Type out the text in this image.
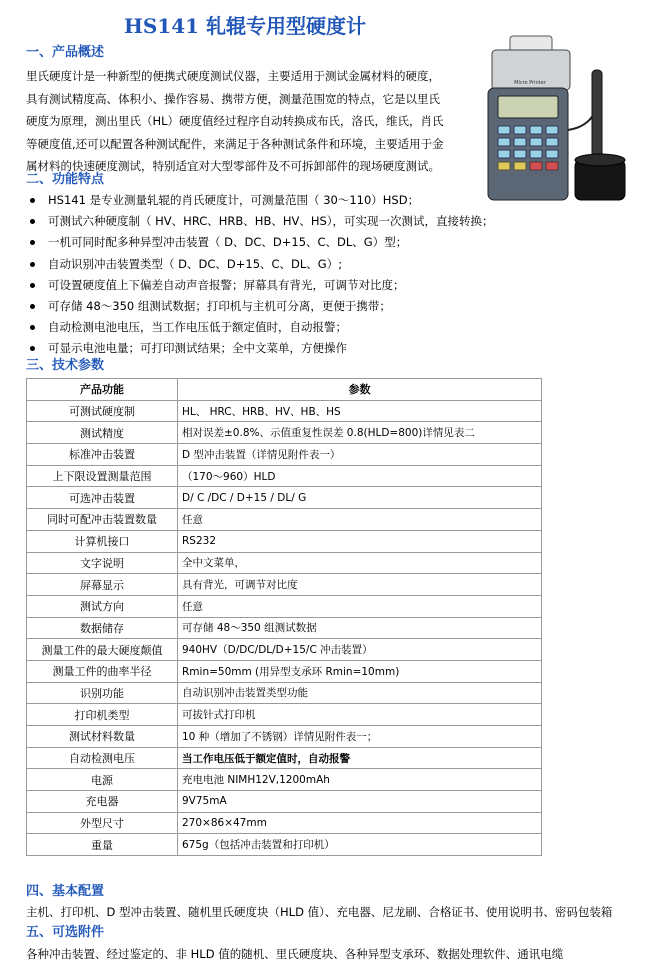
HS141 轧辊专用型硬度计
一、产品概述
里氏硬度计是一种新型的便携式硬度测试仪器，主要适用于测试金属材料的硬度，
具有测试精度高、体积小、操作容易、携带方便，测量范围宽的特点，它是以里氏
硬度为原理，测出里氏（HL）硬度值经过程序自动转换成布氏，洛氏，维氏，肖氏
等硬度值,还可以配置各种测试配件，来满足于各种测试条件和环境，主要适用于金
属材料的快速硬度测试，特别适宜对大型零部件及不可拆卸部件的现场硬度测试。
Micro Printer
二、功能特点
HS141 是专业测量轧辊的肖氏硬度计，可测量范围（ 30～110）HSD；
可测试六种硬度制（ HV、HRC、HRB、HB、HV、HS），可实现一次测试，直接转换；
一机可同时配多种异型冲击装置（ D、DC、D+15、C、DL、G）型；
自动识别冲击装置类型（ D、DC、D+15、C、DL、G）;
可设置硬度值上下偏差自动声音报警；屏幕具有背光，可调节对比度；
可存储 48～350 组测试数据；打印机与主机可分离，更便于携带；
自动检测电池电压，当工作电压低于额定值时，自动报警；
可显示电池电量；可打印测试结果；全中文菜单，方便操作
三、技术参数
产品功能	参数
可测试硬度制	HL、 HRC、HRB、HV、HB、HS
测试精度	相对误差±0.8%、示值重复性误差 0.8(HLD=800)详情见表二
标准冲击装置	D 型冲击装置（详情见附件表一）
上下限设置测量范围	（170～960）HLD
可选冲击装置	D/ C /DC / D+15 / DL/ G
同时可配冲击装置数量	任意
计算机接口	RS232
文字说明	全中文菜单，
屏幕显示	具有背光，可调节对比度
测试方向	任意
数据储存	可存储 48～350 组测试数据
测量工件的最大硬度颠值	940HV（D/DC/DL/D+15/C 冲击装置）
测量工件的曲率半径	Rmin=50mm (用异型支承环 Rmin=10mm)
识别功能	自动识别冲击装置类型功能
打印机类型	可拔针式打印机
测试材料数量	10 种（增加了不锈钢）详情见附件表一；
自动检测电压	当工作电压低于额定值时，自动报警
电源	充电电池 NIMH12V,1200mAh
充电器	9V75mA
外型尺寸	270×86×47mm
重量	675g（包括冲击装置和打印机）
四、基本配置
主机、打印机、D 型冲击装置、随机里氏硬度块（HLD 值）、充电器、尼龙刷、合格证书、使用说明书、密码包装箱
五、可选附件
各种冲击装置、经过鉴定的、非 HLD 值的随机、里氏硬度块、各种异型支承环、数据处理软件、通讯电缆
